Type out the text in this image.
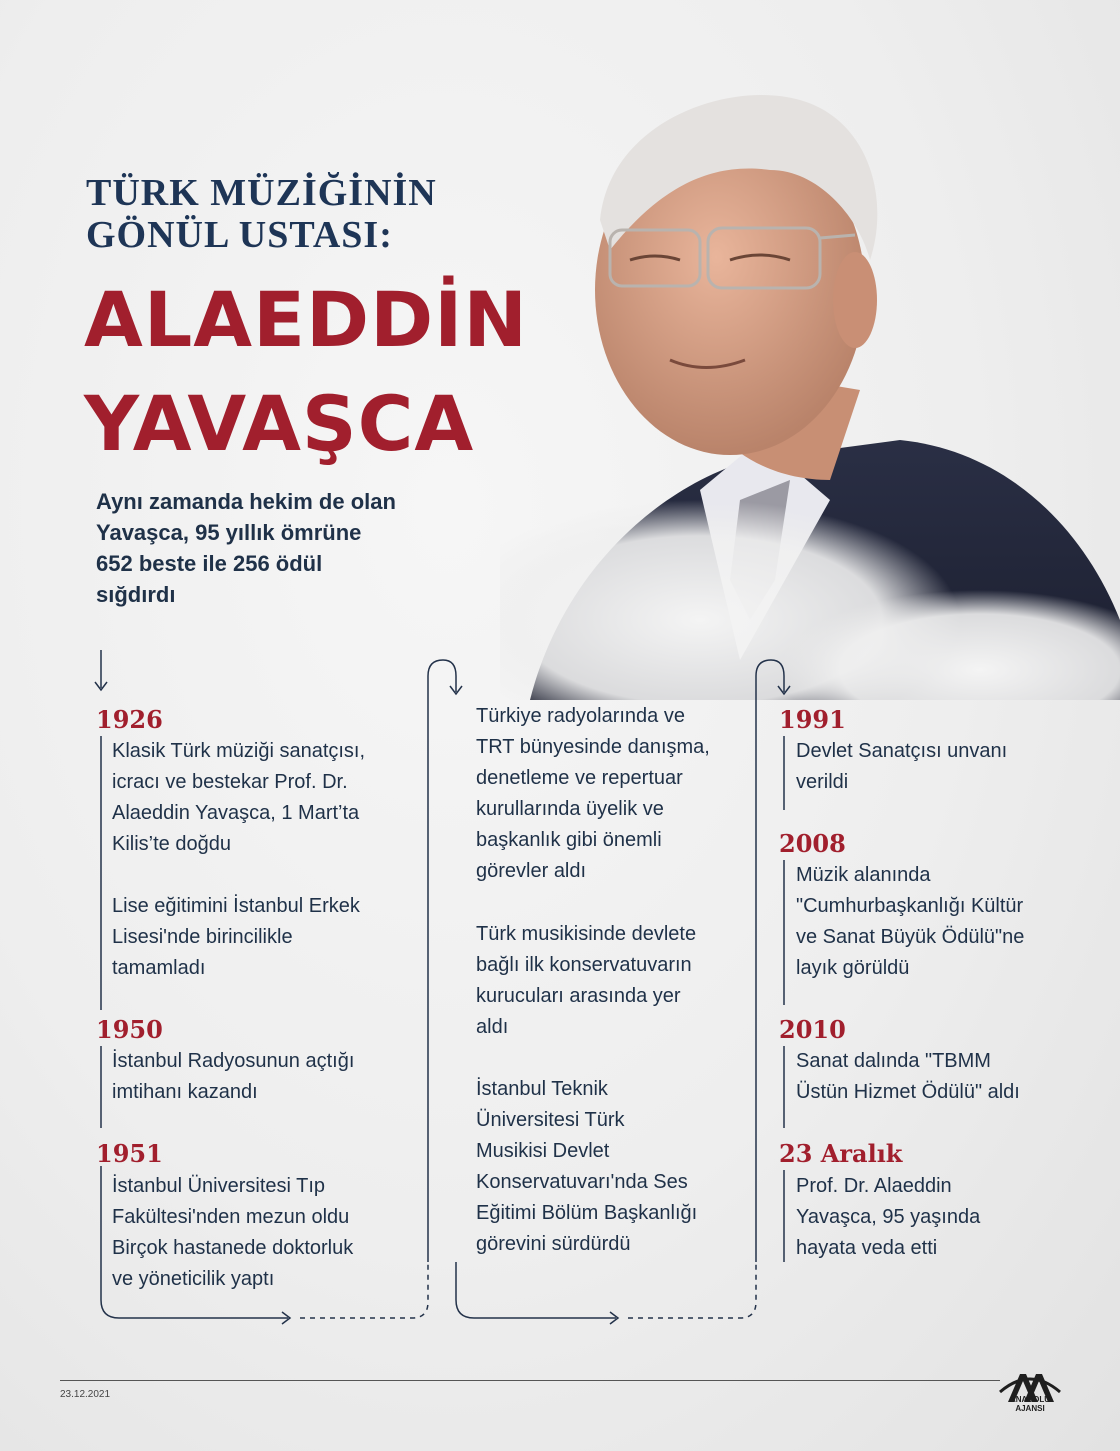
TÜRK MÜZİĞİNİN
GÖNÜL USTASI:
ALAEDDİN
YAVAŞCA
Aynı zamanda hekim de olan
Yavaşca, 95 yıllık ömrüne
652 beste ile 256 ödül
sığdırdı
1926
Klasik Türk müziği sanatçısı,
icracı ve bestekar Prof. Dr.
Alaeddin Yavaşca, 1 Mart’ta
Kilis’te doğdu
Lise eğitimini İstanbul Erkek
Lisesi'nde birincilikle
tamamladı
1950
İstanbul Radyosunun açtığı
imtihanı kazandı
1951
İstanbul Üniversitesi Tıp
Fakültesi'nden mezun oldu
Birçok hastanede doktorluk
ve yöneticilik yaptı
Türkiye radyolarında ve
TRT bünyesinde danışma,
denetleme ve repertuar
kurullarında üyelik ve
başkanlık gibi önemli
görevler aldı
Türk musikisinde devlete
bağlı ilk konservatuvarın
kurucuları arasında yer
aldı
İstanbul Teknik
Üniversitesi Türk
Musikisi Devlet
Konservatuvarı'nda Ses
Eğitimi Bölüm Başkanlığı
görevini sürdürdü
1991
Devlet Sanatçısı unvanı
verildi
2008
Müzik alanında
"Cumhurbaşkanlığı Kültür
ve Sanat Büyük Ödülü"ne
layık görüldü
2010
Sanat dalında "TBMM
Üstün Hizmet Ödülü" aldı
23 Aralık
Prof. Dr. Alaeddin
Yavaşca, 95 yaşında
hayata veda etti
23.12.2021	ANADOLU AJANSI
